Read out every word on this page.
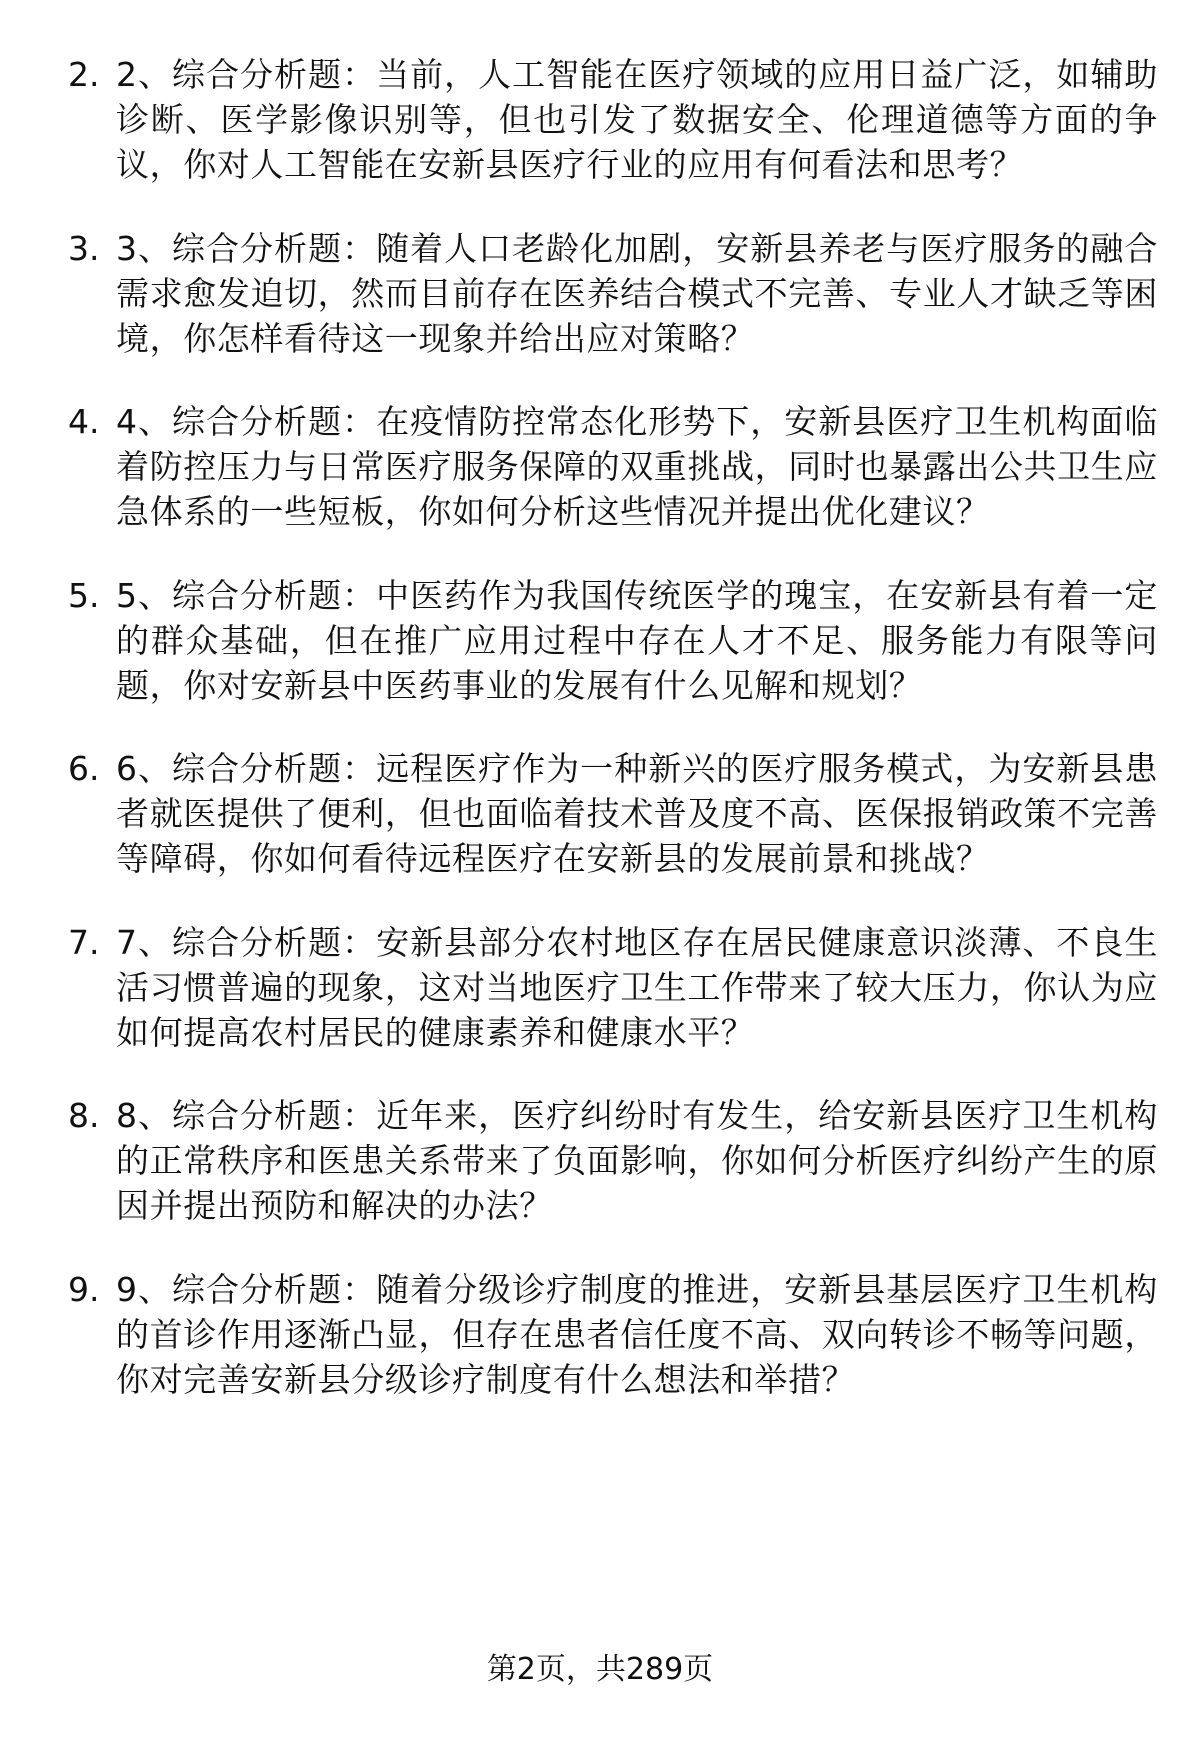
2. 2、综合分析题：当前，人工智能在医疗领域的应用日益广泛，如辅助诊断、医学影像识别等，但也引发了数据安全、伦理道德等方面的争议，你对人工智能在安新县医疗行业的应用有何看法和思考？
3. 3、综合分析题：随着人口老龄化加剧，安新县养老与医疗服务的融合需求愈发迫切，然而目前存在医养结合模式不完善、专业人才缺乏等困境，你怎样看待这一现象并给出应对策略？
4. 4、综合分析题：在疫情防控常态化形势下，安新县医疗卫生机构面临着防控压力与日常医疗服务保障的双重挑战，同时也暴露出公共卫生应急体系的一些短板，你如何分析这些情况并提出优化建议？
5. 5、综合分析题：中医药作为我国传统医学的瑰宝，在安新县有着一定的群众基础，但在推广应用过程中存在人才不足、服务能力有限等问题，你对安新县中医药事业的发展有什么见解和规划？
6. 6、综合分析题：远程医疗作为一种新兴的医疗服务模式，为安新县患者就医提供了便利，但也面临着技术普及度不高、医保报销政策不完善等障碍，你如何看待远程医疗在安新县的发展前景和挑战？
7. 7、综合分析题：安新县部分农村地区存在居民健康意识淡薄、不良生活习惯普遍的现象，这对当地医疗卫生工作带来了较大压力，你认为应如何提高农村居民的健康素养和健康水平？
8. 8、综合分析题：近年来，医疗纠纷时有发生，给安新县医疗卫生机构的正常秩序和医患关系带来了负面影响，你如何分析医疗纠纷产生的原因并提出预防和解决的办法？
9. 9、综合分析题：随着分级诊疗制度的推进，安新县基层医疗卫生机构的首诊作用逐渐凸显，但存在患者信任度不高、双向转诊不畅等问题，你对完善安新县分级诊疗制度有什么想法和举措？
第2页，共289页
